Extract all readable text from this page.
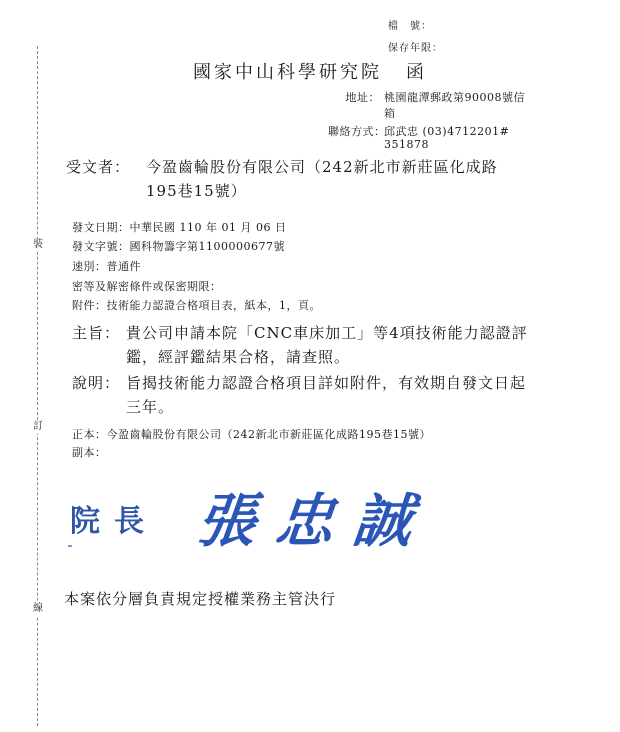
裝
訂
線
檔　號：
保存年限：
國家中山科學研究院 函
地址： 桃園龍潭郵政第90008號信
箱
聯絡方式：
邱武忠 (03)4712201#
351878
受文者： 今盈齒輪股份有限公司（242新北市新莊區化成路
195巷15號）
發文日期：中華民國 110 年 01 月 06 日
發文字號：國科物籌字第1100000677號
速別：普通件
密等及解密條件或保密期限：
附件：技術能力認證合格項目表，紙本，1，頁。
主旨： 貴公司申請本院「CNC車床加工」等4項技術能力認證評
鑑，經評鑑結果合格，請查照。
說明： 旨揭技術能力認證合格項目詳如附件，有效期自發文日起
三年。
正本：今盈齒輪股份有限公司（242新北市新莊區化成路195巷15號）
副本：
院長 張忠誠
本案依分層負責規定授權業務主管決行
